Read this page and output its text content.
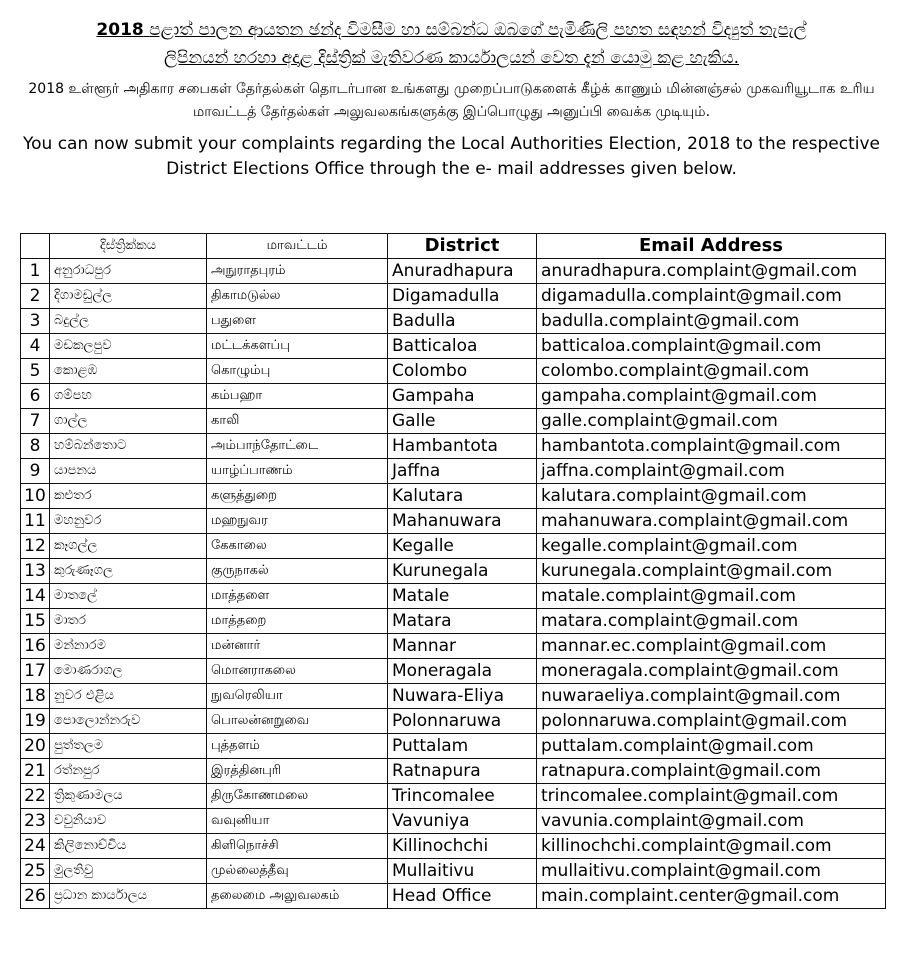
2018 පළාත් පාලන ආයතන ඡන්ද විමසීම හා සම්බන්ධ ඔබගේ පැමිණිලි පහත සඳහන් විද්‍යුත් තැපැල්
ලිපිනයන් හරහා අදාළ දිස්ත්‍රික් මැතිවරණ කාර්යාලයන් වෙත දැන් යොමු කළ හැකිය.
2018 உள்ளூர் அதிகார சபைகள் தேர்தல்கள் தொடர்பான உங்களது முறைப்பாடுகளைக் கீழ்க் காணும் மின்னஞ்சல் முகவரியூடாக உரிய மாவட்டத் தேர்தல்கள் அலுவலகங்களுக்கு இப்பொழுது அனுப்பி வைக்க முடியும்.
You can now submit your complaints regarding the Local Authorities Election, 2018 to the respective District Elections Office through the e- mail addresses given below.
	දිස්ත්‍රික්කය	மாவட்டம்	District	Email Address
1	අනුරාධපුර	அநுராதபுரம்	Anuradhapura	anuradhapura.complaint@gmail.com
2	දිගාමඩුල්ල	திகாமடுல்ல	Digamadulla	digamadulla.complaint@gmail.com
3	බදුල්ල	பதுளை	Badulla	badulla.complaint@gmail.com
4	මඩකලපුව	மட்டக்களப்பு	Batticaloa	batticaloa.complaint@gmail.com
5	කොළඹ	கொழும்பு	Colombo	colombo.complaint@gmail.com
6	ගම්පහ	கம்பஹா	Gampaha	gampaha.complaint@gmail.com
7	ගාල්ල	காலி	Galle	galle.complaint@gmail.com
8	හම්බන්තොට	அம்பாந்தோட்டை	Hambantota	hambantota.complaint@gmail.com
9	යාපනය	யாழ்ப்பாணம்	Jaffna	jaffna.complaint@gmail.com
10	කළුතර	களுத்துறை	Kalutara	kalutara.complaint@gmail.com
11	මහනුවර	மஹநுவர	Mahanuwara	mahanuwara.complaint@gmail.com
12	කෑගල්ල	கேகாலை	Kegalle	kegalle.complaint@gmail.com
13	කුරුණෑගල	குருநாகல்	Kurunegala	kurunegala.complaint@gmail.com
14	මාතලේ	மாத்தளை	Matale	matale.complaint@gmail.com
15	මාතර	மாத்தறை	Matara	matara.complaint@gmail.com
16	මන්නාරම	மன்னார்	Mannar	mannar.ec.complaint@gmail.com
17	මොණරාගල	மொனராகலை	Moneragala	moneragala.complaint@gmail.com
18	නුවර එළිය	நுவரெலியா	Nuwara-Eliya	nuwaraeliya.complaint@gmail.com
19	පොලොන්නරුව	பொலன்னறுவை	Polonnaruwa	polonnaruwa.complaint@gmail.com
20	පුත්තලම	புத்தளம்	Puttalam	puttalam.complaint@gmail.com
21	රත්නපුර	இரத்தினபுரி	Ratnapura	ratnapura.complaint@gmail.com
22	ත්‍රිකුණාමලය	திருகோணமலை	Trincomalee	trincomalee.complaint@gmail.com
23	වවුනියාව	வவுனியா	Vavuniya	vavunia.complaint@gmail.com
24	කිලිනොච්චිය	கிளிநொச்சி	Killinochchi	killinochchi.complaint@gmail.com
25	මුලතිවු	முல்லைத்தீவு	Mullaitivu	mullaitivu.complaint@gmail.com
26	ප්‍රධාන කාර්යාලය	தலைமை அலுவலகம்	Head Office	main.complaint.center@gmail.com
